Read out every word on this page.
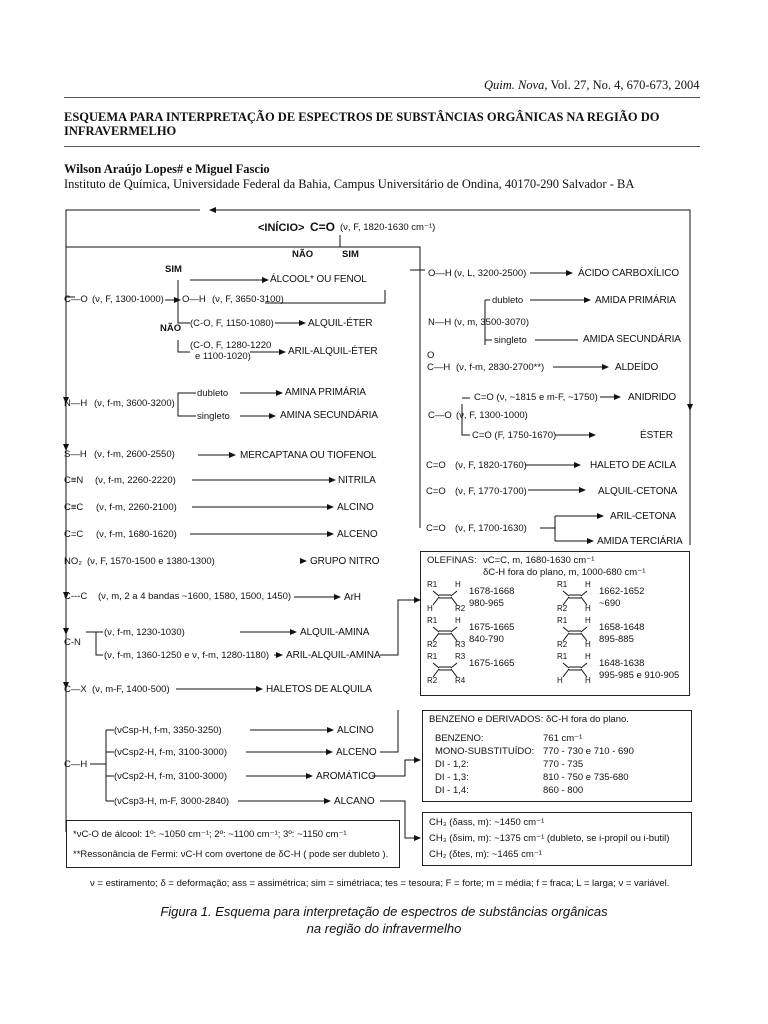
Quim. Nova, Vol. 27, No. 4, 670-673, 2004
ESQUEMA PARA INTERPRETAÇÃO DE ESPECTROS DE SUBSTÂNCIAS ORGÂNICAS NA REGIÃO DO
INFRAVERMELHO
Wilson Araújo Lopes# e Miguel Fascio
Instituto de Química, Universidade Federal da Bahia, Campus Universitário de Ondina, 40170-290 Salvador - BA
<INÍCIO> C=O (ν, F, 1820-1630 cm⁻¹)
NÃO	SIM
SIM
NÃO
C—O (ν, F, 1300-1000) O—H (ν, F, 3650-3100)
ÁLCOOL* OU FENOL
(C-O, F, 1150-1080)	ALQUIL-ÉTER
(C-O, F, 1280-1220
e 1100-1020)	ARIL-ALQUIL-ÉTER
N—H (ν, f-m, 3600-3200)
dubleto
singleto
AMINA PRIMÁRIA
AMINA SECUNDÁRIA
S—H (ν, f-m, 2600-2550)	MERCAPTANA OU TIOFENOL
C≡N (ν, f-m, 2260-2220)	NITRILA
C≡C (ν, f-m, 2260-2100)	ALCINO
C=C (ν, f-m, 1680-1620)	ALCENO
NO₂ (ν, F, 1570-1500 e 1380-1300)	GRUPO NITRO
C---C (ν, m, 2 a 4 bandas ~1600, 1580, 1500, 1450)	ArH
C-N
(ν, f-m, 1230-1030)	ALQUIL-AMINA
(ν, f-m, 1360-1250 e ν, f-m, 1280-1180) ARIL-ALQUIL-AMINA
C—X (ν, m-F, 1400-500)	HALETOS DE ALQUILA
C—H
(νCsp-H, f-m, 3350-3250)
(νCsp2-H, f-m, 3100-3000)
(νCsp2-H, f-m, 3100-3000)
(νCsp3-H, m-F, 3000-2840)
ALCINO
ALCENO
AROMÁTICO
ALCANO
O—H (ν, L, 3200-2500)	ÁCIDO CARBOXÍLICO
N—H (ν, m, 3500-3070)
dubleto
singleto
AMIDA PRIMÁRIA
AMIDA SECUNDÁRIA
O
C—H (ν, f-m, 2830-2700**)	ALDEÍDO
C—O (ν, F, 1300-1000)
C=O (ν, ~1815 e m-F, ~1750)	ANIDRIDO
C=O (F, 1750-1670)	ÉSTER
C=O (ν, F, 1820-1760)	HALETO DE ACILA
C=O (ν, F, 1770-1700)	ALQUIL-CETONA
C=O (ν, F, 1700-1630)
ARIL-CETONA
AMIDA TERCIÁRIA
OLEFINAS: νC=C, m, 1680-1630 cm⁻¹
δC-H fora do plano, m, 1000-680 cm⁻¹
R1 H
H	R2
1678-1668
980-965
R1 H
R2 H
1662-1652
~690
R1 H
R2 R3
1675-1665
840-790
R1 H
R2 H
1658-1648
895-885
R1 R3
R2 R4
1675-1665
R1 H
H	H
1648-1638
995-985 e 910-905
BENZENO e DERIVADOS: δC-H fora do plano.
BENZENO:	761 cm⁻¹
MONO-SUBSTITUÍDO: 770 - 730 e 710 - 690
DI - 1,2:	770 - 735
DI - 1,3:	810 - 750 e 735-680
DI - 1,4:	860 - 800
CH₃ (δass, m): ~1450 cm⁻¹
CH₃ (δsim, m): ~1375 cm⁻¹ (dubleto, se i-propil ou i-butil)
CH₂ (δtes, m): ~1465 cm⁻¹
*νC-O de álcool: 1º: ~1050 cm⁻¹; 2º: ~1100 cm⁻¹; 3º: ~1150 cm⁻¹
**Ressonância de Fermi: νC-H com overtone de δC-H ( pode ser dubleto ).
ν = estiramento; δ = deformação; ass = assimétrica; sim = simétriaca; tes = tesoura; F = forte; m = média; f = fraca; L = larga; ν = variável.
Figura 1. Esquema para interpretação de espectros de substâncias orgânicas
na região do infravermelho
